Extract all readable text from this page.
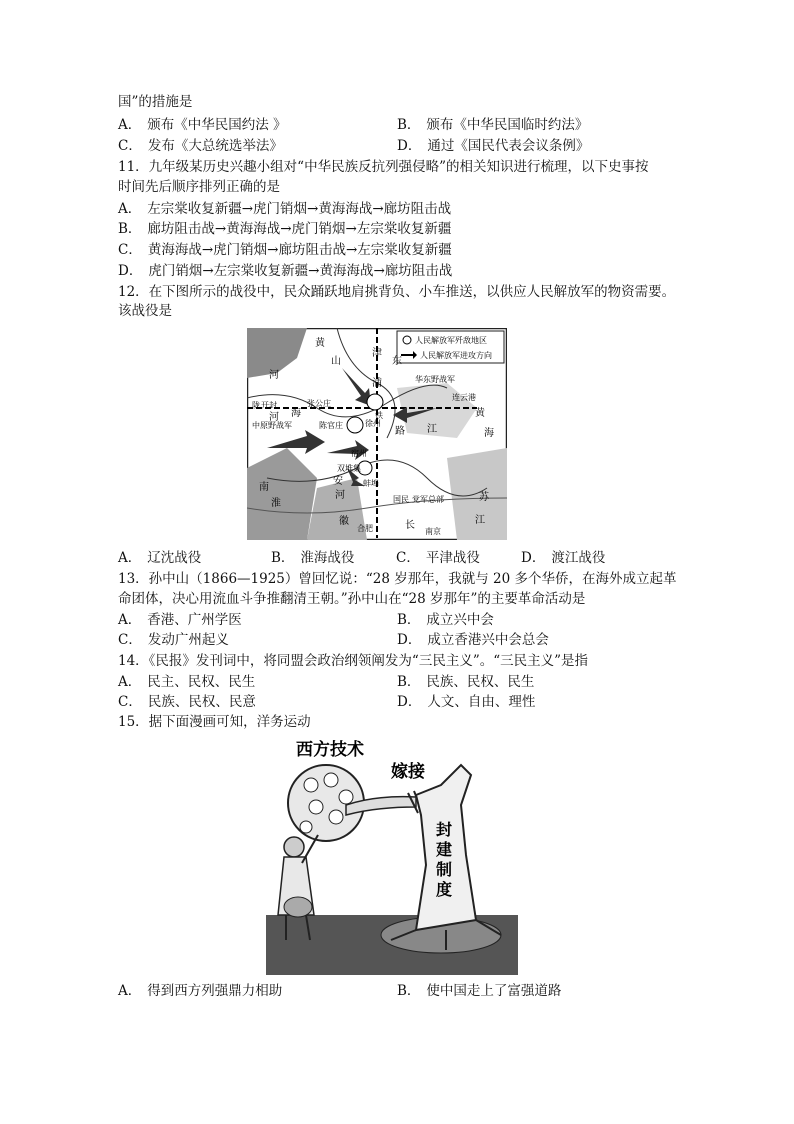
国”的措施是
A． 颁布《中华民国约法 》	B． 颁布《中华民国临时约法》
C． 发布《大总统选举法》	D． 通过《国民代表会议条例》
11．九年级某历史兴趣小组对“中华民族反抗列强侵略”的相关知识进行梳理，以下史事按
时间先后顺序排列正确的是
A． 左宗棠收复新疆→虎门销烟→黄海海战→廊坊阻击战
B． 廊坊阻击战→黄海海战→虎门销烟→左宗棠收复新疆
C． 黄海海战→虎门销烟→廊坊阻击战→左宗棠收复新疆
D． 虎门销烟→左宗棠收复新疆→黄海海战→廊坊阻击战
12．在下图所示的战役中，民众踊跃地肩挑背负、小车推送，以供应人民解放军的物资需要。
该战役是
人民解放军歼敌地区
人民解放军进攻方向
黄
山
津
东
河
浦	华东野战军
连云港
陇 开封
海
张公庄
黄
海
中原野战军
河	铁
徐州
路 江
陈官庄
宿州
双堆集
蚌埠
南
淮
安
河	国民 党军总部	苏
江
徽
合肥	长
南京
A． 辽沈战役	B． 淮海战役	C． 平津战役	D． 渡江战役
13．孙中山（1866—1925）曾回忆说：“28 岁那年，我就与 20 多个华侨，在海外成立起革
命团体，决心用流血斗争推翻清王朝。”孙中山在“28 岁那年”的主要革命活动是
A． 香港、广州学医	B． 成立兴中会
C． 发动广州起义	D． 成立香港兴中会总会
14．《民报》发刊词中，将同盟会政治纲领阐发为“三民主义”。“三民主义”是指
A． 民主、民权、民生	B． 民族、民权、民生
C． 民族、民权、民意	D． 人文、自由、理性
15．据下面漫画可知，洋务运动
西方技术
嫁接
封
建
制
度
A． 得到西方列强鼎力相助	B． 使中国走上了富强道路
